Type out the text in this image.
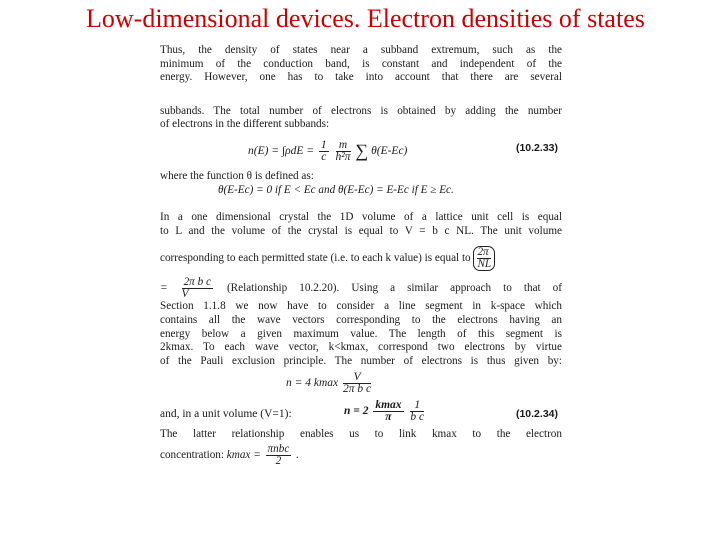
Low-dimensional devices. Electron densities of states
Thus, the density of states near a subband extremum, such as the
minimum of the conduction band, is constant and independent of the
energy. However, one has to take into account that there are several
subbands. The total number of electrons is obtained by adding the number
of electrons in the different subbands:
$n(E) = \int\rho dE = \frac{1}{c}$
$\frac{m}{\text{h²π}}$ ∑ θ(E-Ec)	(10.2.33)
where the function θ is defined as:
θ(E-Ec) = 0 if E < Ec and θ(E-Ec) = E-Ec if E ≥ Ec.
In a one dimensional crystal the 1D volume of a lattice unit cell is equal
to L and the volume of the crystal is equal to V = b c NL. The unit volume
corresponding to each permitted state (i.e. to each k value) is equal to $\frac{2\pi}{NL}$
= $\frac{\text{2π b c}}{V}$ (Relationship 10.2.20). Using a similar approach to that of
Section 1.1.8 we now have to consider a line segment in k-space which
contains all the wave vectors corresponding to the electrons having an
energy below a given maximum value. The length of this segment is
2kmax. To each wave vector, k<kmax, correspond two electrons by virtue
of the Pauli exclusion principle. The number of electrons is thus given by:
n = 4 kmax $\frac{V}{\text{2π b c}}$
and, in a unit volume (V=1):	$n = 2 \frac{kmax}{\pi}$
$\frac{1}{\text{b c}}$	(10.2.34)
The latter relationship enables us to link kmax to the electron
concentration: $kmax = \frac{\text{πnbc}}{2}$ .
